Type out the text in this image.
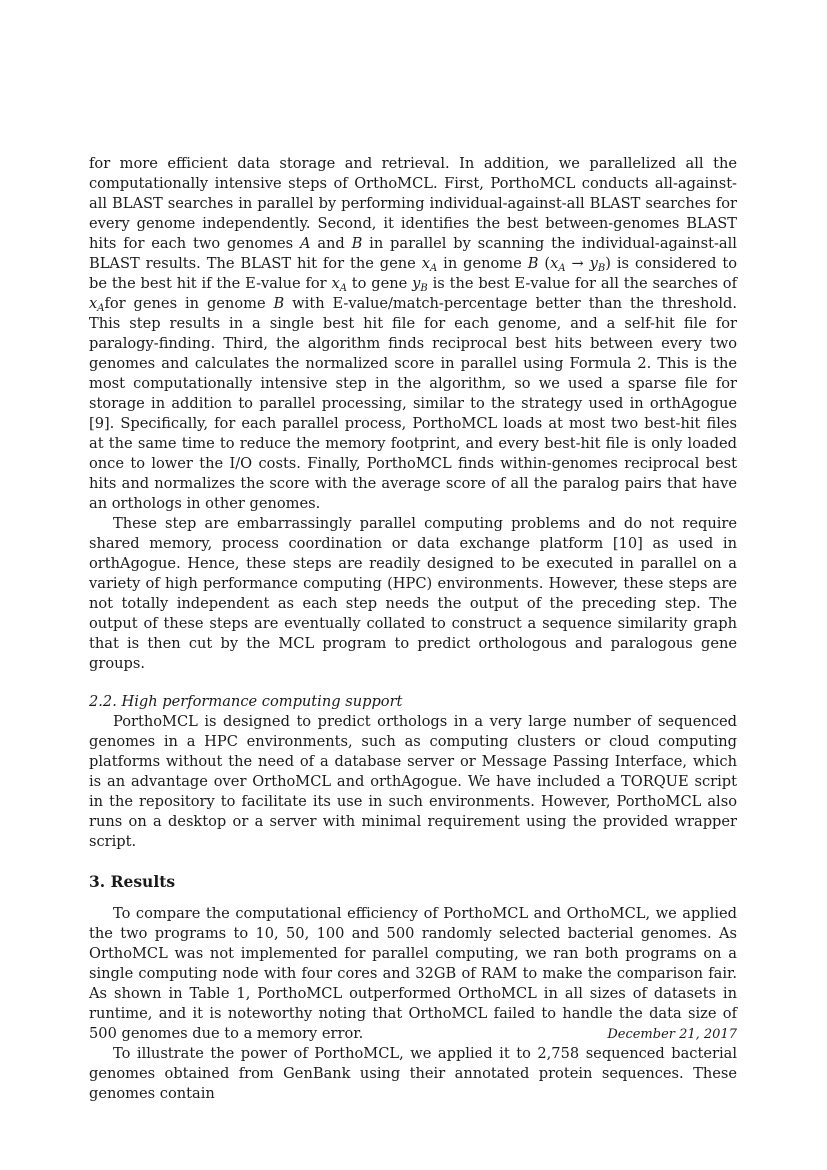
for more efficient data storage and retrieval. In addition, we parallelized all the computationally intensive steps of OrthoMCL. First, PorthoMCL conducts all-against-all BLAST searches in parallel by performing individual-against-all BLAST searches for every genome independently. Second, it identifies the best between-genomes BLAST hits for each two genomes A and B in parallel by scanning the individual-against-all BLAST results. The BLAST hit for the gene $x_A$ in genome B $(x_A \to y_B)$ is considered to be the best hit if the E-value for $x_A$ to gene $y_B$ is the best E-value for all the searches of $x_Afor$ genes in genome B with E-value/match-percentage better than the threshold. This step results in a single best hit file for each genome, and a self-hit file for paralogy-finding. Third, the algorithm finds reciprocal best hits between every two genomes and calculates the normalized score in parallel using Formula 2. This is the most computationally intensive step in the algorithm, so we used a sparse file for storage in addition to parallel processing, similar to the strategy used in orthAgogue [9]. Specifically, for each parallel process, PorthoMCL loads at most two best-hit files at the same time to reduce the memory footprint, and every best-hit file is only loaded once to lower the I/O costs. Finally, PorthoMCL finds within-genomes reciprocal best hits and normalizes the score with the average score of all the paralog pairs that have an orthologs in other genomes.

These step are embarrassingly parallel computing problems and do not require shared memory, process coordination or data exchange platform [10] as used in orthAgogue. Hence, these steps are readily designed to be executed in parallel on a variety of high performance computing (HPC) environments. However, these steps are not totally independent as each step needs the output of the preceding step. The output of these steps are eventually collated to construct a sequence similarity graph that is then cut by the MCL program to predict orthologous and paralogous gene groups.

2.2. High performance computing support

PorthoMCL is designed to predict orthologs in a very large number of sequenced genomes in a HPC environments, such as computing clusters or cloud computing platforms without the need of a database server or Message Passing Interface, which is an advantage over OrthoMCL and orthAgogue. We have included a TORQUE script in the repository to facilitate its use in such environments. However, PorthoMCL also runs on a desktop or a server with minimal requirement using the provided wrapper script.

3. Results

To compare the computational efficiency of PorthoMCL and OrthoMCL, we applied the two programs to 10, 50, 100 and 500 randomly selected bacterial genomes. As OrthoMCL was not implemented for parallel computing, we ran both programs on a single computing node with four cores and 32GB of RAM to make the comparison fair. As shown in Table 1, PorthoMCL outperformed OrthoMCL in all sizes of datasets in runtime, and it is noteworthy noting that OrthoMCL failed to handle the data size of 500 genomes due to a memory error.

To illustrate the power of PorthoMCL, we applied it to 2,758 sequenced bacterial genomes obtained from GenBank using their annotated protein sequences. These genomes contain

December 21, 2017
